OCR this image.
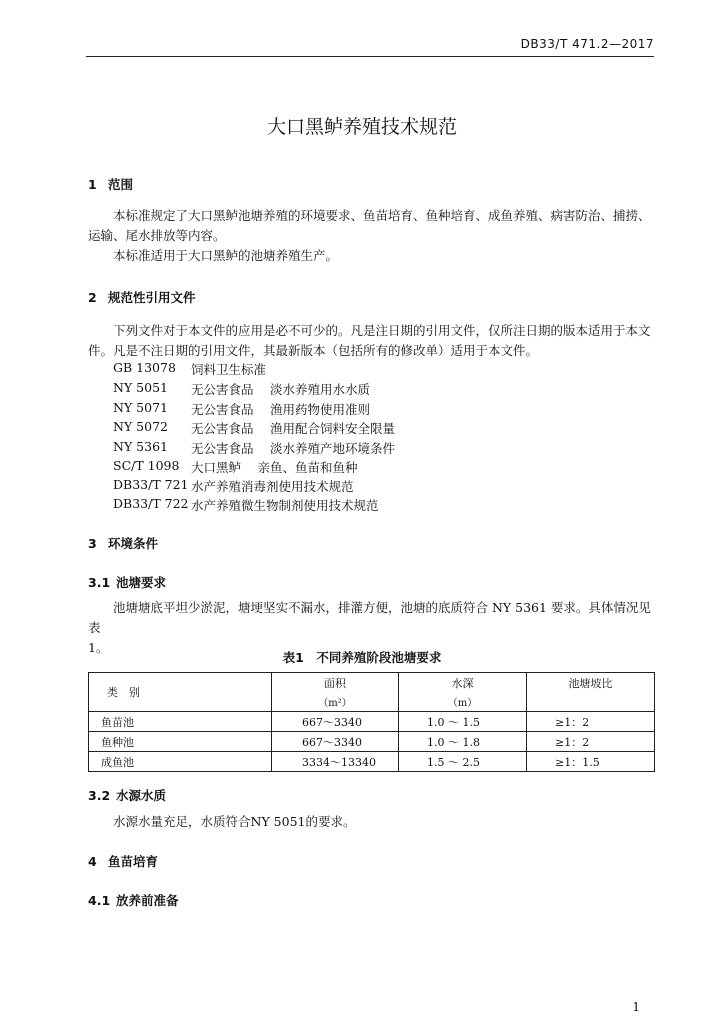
DB33/T 471.2—2017
大口黑鲈养殖技术规范
1 范围
本标准规定了大口黑鲈池塘养殖的环境要求、鱼苗培育、鱼种培育、成鱼养殖、病害防治、捕捞、
运输、尾水排放等内容。
本标准适用于大口黑鲈的池塘养殖生产。
2 规范性引用文件
下列文件对于本文件的应用是必不可少的。凡是注日期的引用文件，仅所注日期的版本适用于本文
件。凡是不注日期的引用文件，其最新版本（包括所有的修改单）适用于本文件。
GB 13078 饲料卫生标准
NY 5051 无公害食品　 淡水养殖用水水质
NY 5071 无公害食品　 渔用药物使用准则
NY 5072 无公害食品　 渔用配合饲料安全限量
NY 5361 无公害食品　 淡水养殖产地环境条件
SC/T 1098 大口黑鲈　 亲鱼、鱼苗和鱼种
DB33/T 721 水产养殖消毒剂使用技术规范
DB33/T 722 水产养殖微生物制剂使用技术规范
3 环境条件
3.1 池塘要求
池塘塘底平坦少淤泥，塘埂坚实不漏水，排灌方便，池塘的底质符合 NY 5361 要求。具体情况见表
1。
表1　不同养殖阶段池塘要求
类　别	面积	水深	池塘坡比
	（m²）	（m）	
鱼苗池	667～3340	1.0 ～ 1.5	≥1：2
鱼种池	667～3340	1.0 ～ 1.8	≥1：2
成鱼池	3334～13340	1.5 ～ 2.5	≥1：1.5
3.2 水源水质
水源水量充足，水质符合NY 5051的要求。
4 鱼苗培育
4.1 放养前准备
1
